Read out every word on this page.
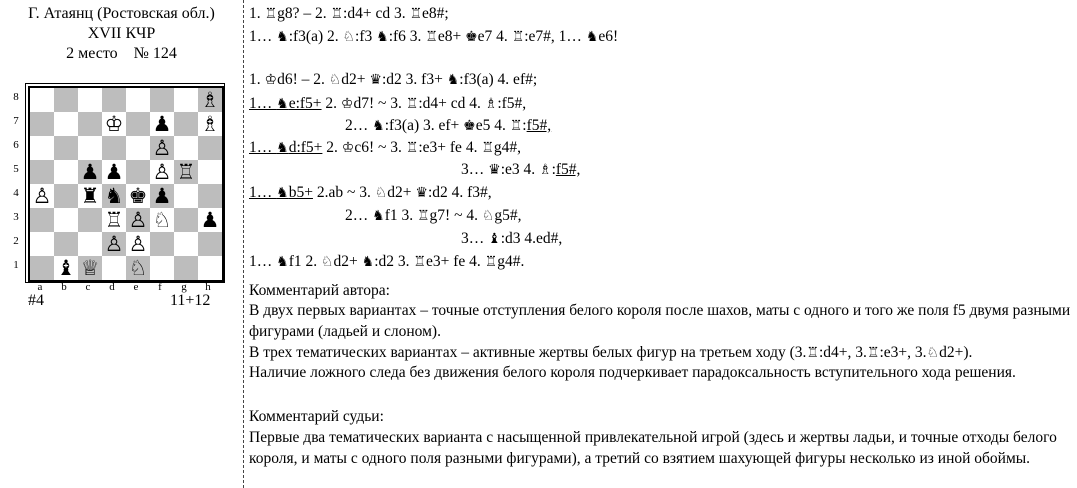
Г. Атаянц (Ростовская обл.)
XVII КЧР
2 место № 124
♗
♔ ♟ ♗
♙
♟ ♟ ♙ ♖
♙ ♜ ♞ ♚ ♟
♖ ♙ ♘ ♟
♙ ♙
♝ ♕ ♘
8
7
6
5
4
3
2
1
a	b	c	d	e	f	g	h
#4	11+12
1. ♖g8? – 2. ♖:d4+ cd 3. ♖e8#;
1… ♞:f3(a) 2. ♘:f3 ♞:f6 3. ♖e8+ ♚e7 4. ♖:e7#, 1… ♞e6!
1. ♔d6! – 2. ♘d2+ ♛:d2 3. f3+ ♞:f3(a) 4. ef#;
1… ♞e:f5+ 2. ♔d7! ~ 3. ♖:d4+ cd 4. ♗:f5#,
2… ♞:f3(a) 3. ef+ ♚e5 4. ♖:f5#,
1… ♞d:f5+ 2. ♔c6! ~ 3. ♖:e3+ fe 4. ♖g4#,
3… ♛:e3 4. ♗:f5#,
1… ♞b5+ 2.ab ~ 3. ♘d2+ ♛:d2 4. f3#,
2… ♞f1 3. ♖g7! ~ 4. ♘g5#,
3… ♝:d3 4.ed#,
1… ♞f1 2. ♘d2+ ♞:d2 3. ♖e3+ fe 4. ♖g4#.
Комментарий автора:
В двух первых вариантах – точные отступления белого короля после шахов, маты с одного и того же поля f5 двумя разными фигурами (ладьей и слоном).
В трех тематических вариантах – активные жертвы белых фигур на третьем ходу (3.♖:d4+, 3.♖:e3+, 3.♘d2+).
Наличие ложного следа без движения белого короля подчеркивает парадоксальность вступительного хода решения.
Комментарий судьи:
Первые два тематических варианта с насыщенной привлекательной игрой (здесь и жертвы ладьи, и точные отходы белого короля, и маты с одного поля разными фигурами), а третий со взятием шахующей фигуры несколько из иной обоймы.
